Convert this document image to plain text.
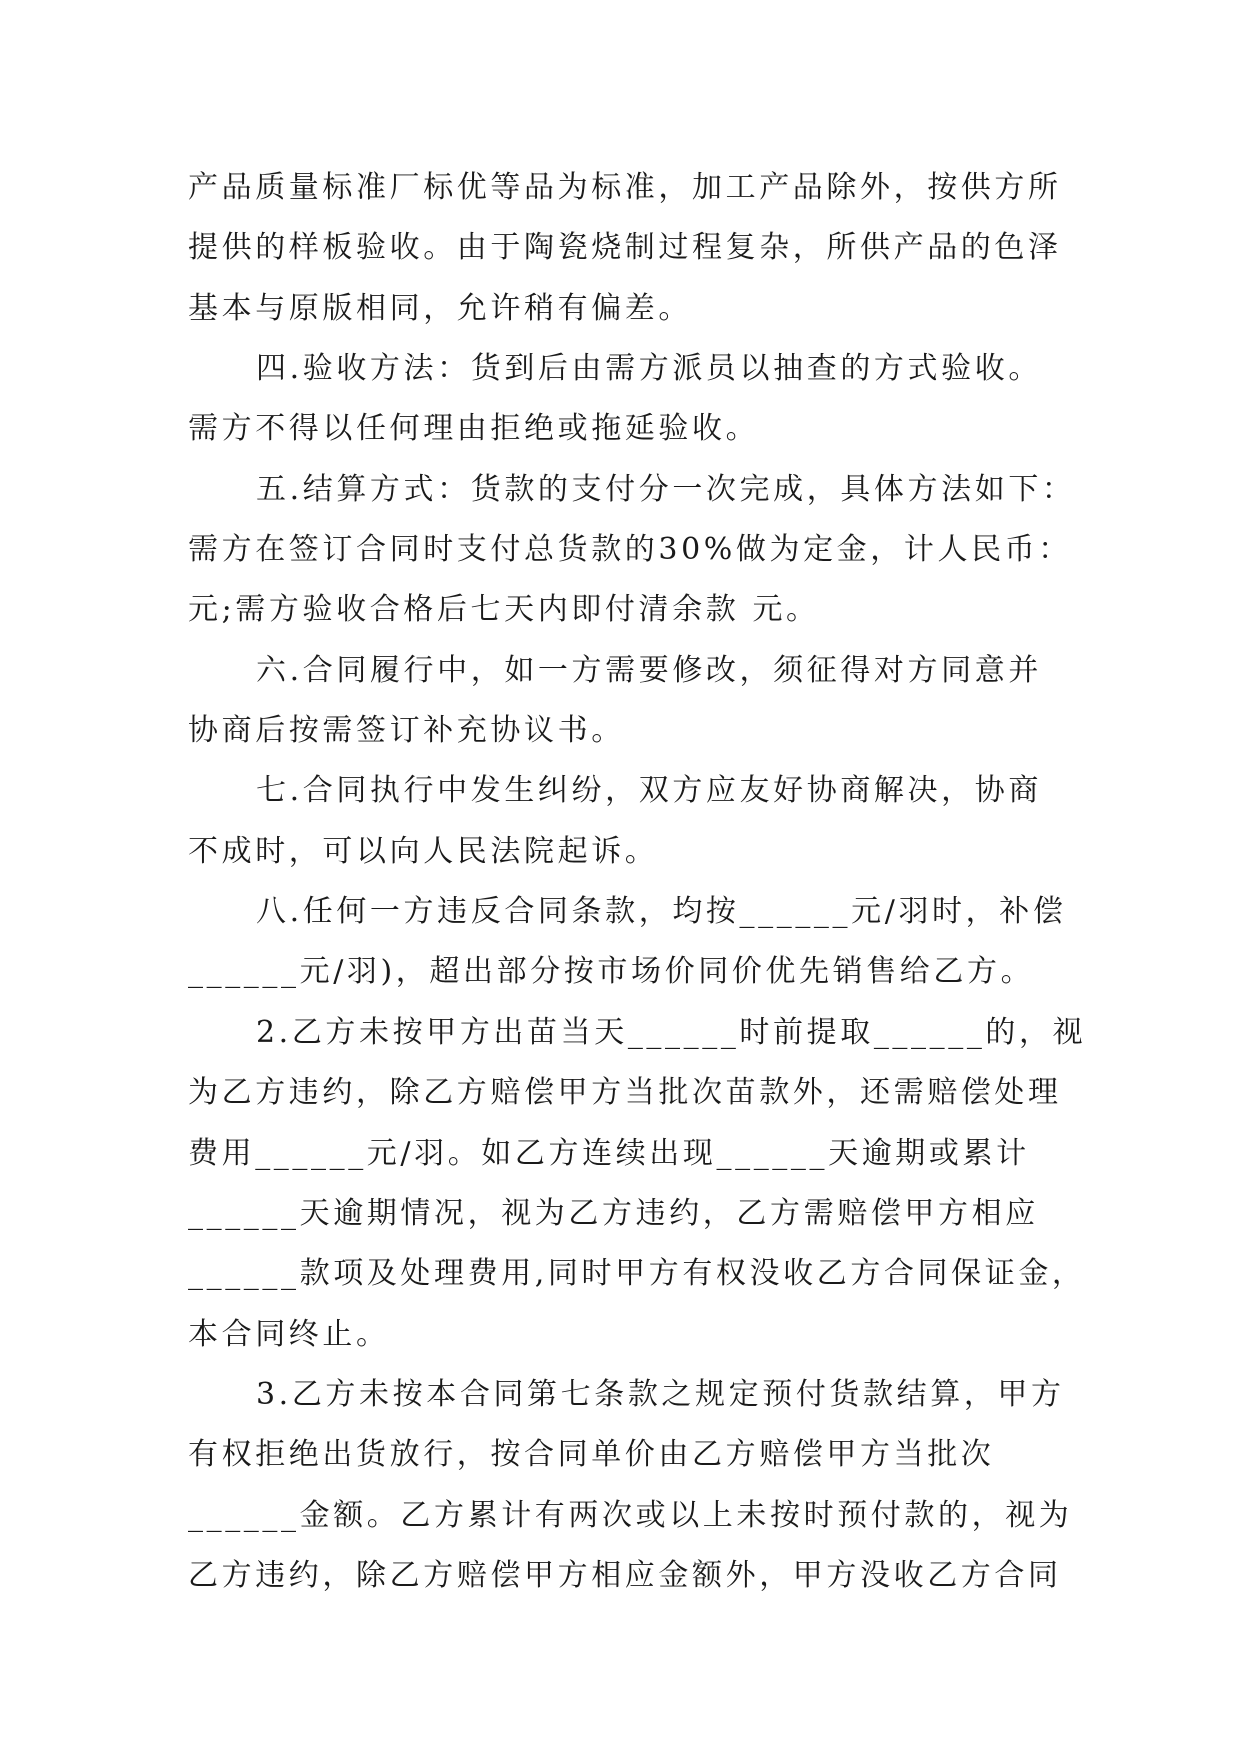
产品质量标准厂标优等品为标准，加工产品除外，按供方所
提供的样板验收。由于陶瓷烧制过程复杂，所供产品的色泽
基本与原版相同，允许稍有偏差。
四.验收方法：货到后由需方派员以抽查的方式验收。
需方不得以任何理由拒绝或拖延验收。
五.结算方式：货款的支付分一次完成，具体方法如下：
需方在签订合同时支付总货款的30%做为定金，计人民币：
元;需方验收合格后七天内即付清余款 元。
六.合同履行中，如一方需要修改，须征得对方同意并
协商后按需签订补充协议书。
七.合同执行中发生纠纷，双方应友好协商解决，协商
不成时，可以向人民法院起诉。
八.任何一方违反合同条款，均按______元/羽时，补偿
______元/羽)，超出部分按市场价同价优先销售给乙方。
2.乙方未按甲方出苗当天______时前提取______的，视
为乙方违约，除乙方赔偿甲方当批次苗款外，还需赔偿处理
费用______元/羽。如乙方连续出现______天逾期或累计
______天逾期情况，视为乙方违约，乙方需赔偿甲方相应
______款项及处理费用,同时甲方有权没收乙方合同保证金，
本合同终止。
3.乙方未按本合同第七条款之规定预付货款结算，甲方
有权拒绝出货放行，按合同单价由乙方赔偿甲方当批次
______金额。乙方累计有两次或以上未按时预付款的，视为
乙方违约，除乙方赔偿甲方相应金额外，甲方没收乙方合同
